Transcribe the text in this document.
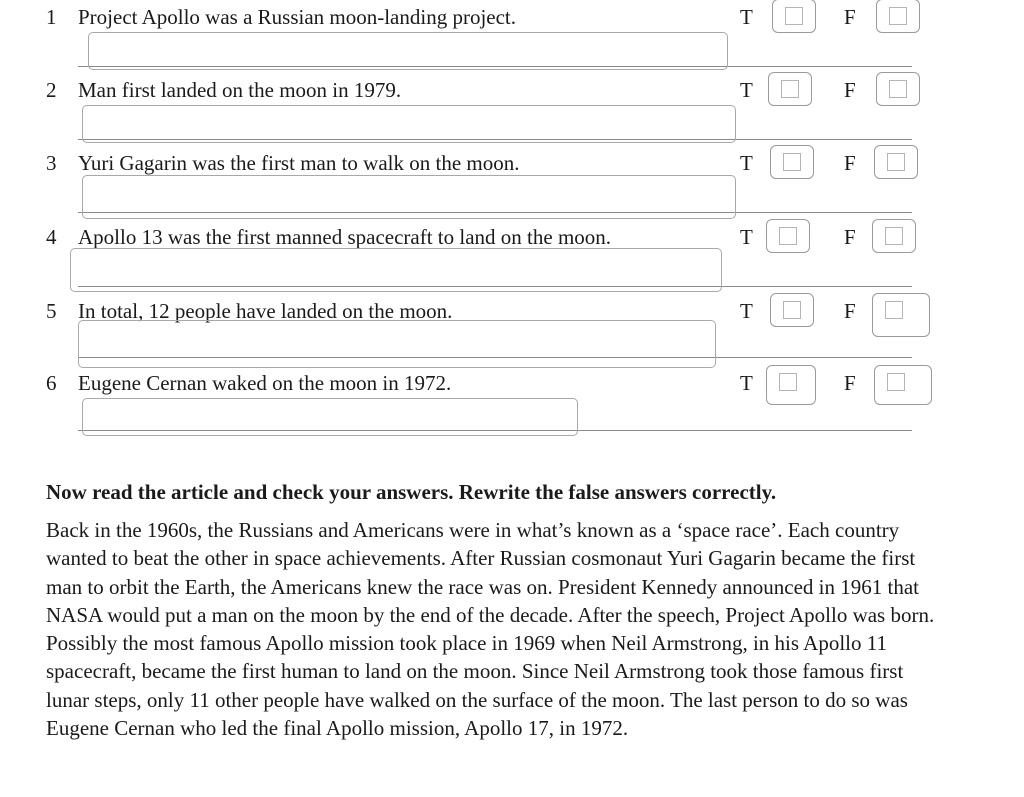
1 Project Apollo was a Russian moon-landing project.	T	F
2 Man first landed on the moon in 1979.	T	F
3 Yuri Gagarin was the first man to walk on the moon.	T	F
4 Apollo 13 was the first manned spacecraft to land on the moon.	T	F
5 In total, 12 people have landed on the moon.	T	F
6 Eugene Cernan waked on the moon in 1972.	T	F
Now read the article and check your answers. Rewrite the false answers correctly.

Back in the 1960s, the Russians and Americans were in what’s known as a ‘space race’. Each country wanted to beat the other in space achievements. After Russian cosmonaut Yuri Gagarin became the first man to orbit the Earth, the Americans knew the race was on. President Kennedy announced in 1961 that NASA would put a man on the moon by the end of the decade. After the speech, Project Apollo was born. Possibly the most famous Apollo mission took place in 1969 when Neil Armstrong, in his Apollo 11 spacecraft, became the first human to land on the moon. Since Neil Armstrong took those famous first lunar steps, only 11 other people have walked on the surface of the moon. The last person to do so was Eugene Cernan who led the final Apollo mission, Apollo 17, in 1972.
